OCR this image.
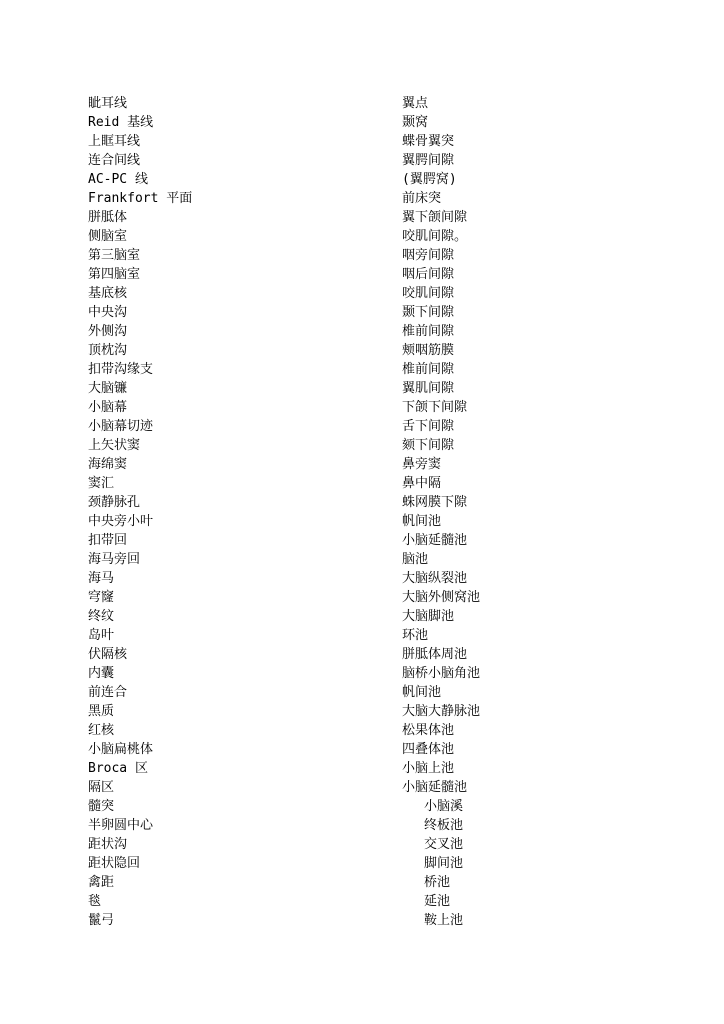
眦耳线
Reid 基线
上眶耳线
连合间线
AC-PC 线
Frankfort 平面
胼胝体
侧脑室
第三脑室
第四脑室
基底核
中央沟
外侧沟
顶枕沟
扣带沟缘支
大脑镰
小脑幕
小脑幕切迹
上矢状窦
海绵窦
窦汇
颈静脉孔
中央旁小叶
扣带回
海马旁回
海马
穹窿
终纹
岛叶
伏隔核
内囊
前连合
黑质
红核
小脑扁桃体
Broca 区
隔区
髓突
半卵圆中心
距状沟
距状隐回
禽距
毯
鬣弓
翼点
颞窝
蝶骨翼突
翼腭间隙
(翼腭窝)
前床突
翼下颌间隙
咬肌间隙。
咽旁间隙
咽后间隙
咬肌间隙
颞下间隙
椎前间隙
颊咽筋膜
椎前间隙
翼肌间隙
下颌下间隙
舌下间隙
颏下间隙
鼻旁窦
鼻中隔
蛛网膜下隙
帆间池
小脑延髓池
脑池
大脑纵裂池
大脑外侧窝池
大脑脚池
环池
胼胝体周池
脑桥小脑角池
帆间池
大脑大静脉池
松果体池
四叠体池
小脑上池
小脑延髓池
小脑溪
终板池
交叉池
脚间池
桥池
延池
鞍上池
